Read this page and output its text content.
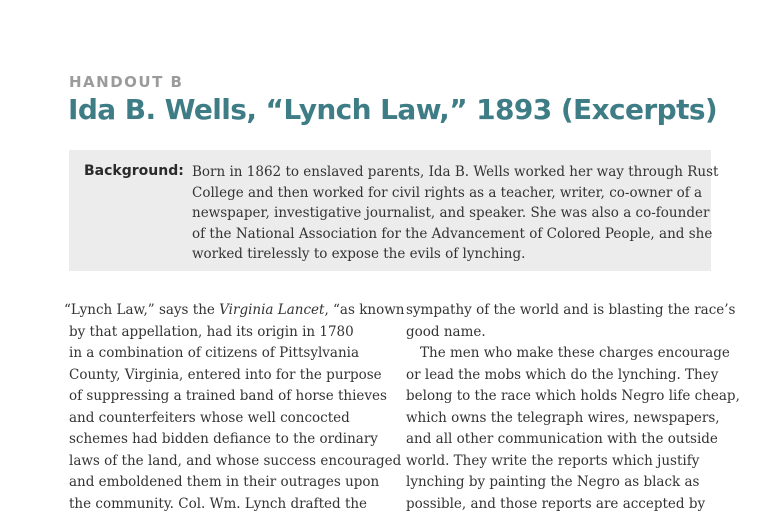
HANDOUT B
Ida B. Wells, “Lynch Law,” 1893 (Excerpts)
Background: Born in 1862 to enslaved parents, Ida B. Wells worked her way through Rust
College and then worked for civil rights as a teacher, writer, co-owner of a
newspaper, investigative journalist, and speaker. She was also a co-founder
of the National Association for the Advancement of Colored People, and she
worked tirelessly to expose the evils of lynching.
“Lynch Law,” says the Virginia Lancet, “as known
by that appellation, had its origin in 1780
in a combination of citizens of Pittsylvania
County, Virginia, entered into for the purpose
of suppressing a trained band of horse thieves
and counterfeiters whose well concocted
schemes had bidden defiance to the ordinary
laws of the land, and whose success encouraged
and emboldened them in their outrages upon
the community. Col. Wm. Lynch drafted the
sympathy of the world and is blasting the race’s
good name.
The men who make these charges encourage
or lead the mobs which do the lynching. They
belong to the race which holds Negro life cheap,
which owns the telegraph wires, newspapers,
and all other communication with the outside
world. They write the reports which justify
lynching by painting the Negro as black as
possible, and those reports are accepted by
